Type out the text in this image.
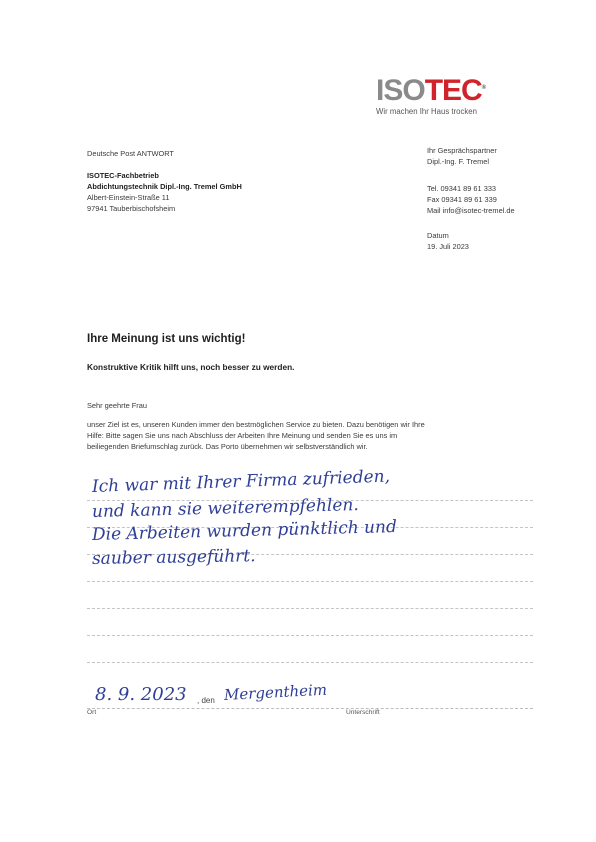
ISOTEC®
Wir machen Ihr Haus trocken
Deutsche Post ANTWORT
ISOTEC-Fachbetrieb
Abdichtungstechnik Dipl.-Ing. Tremel GmbH
Albert-Einstein-Straße 11
97941 Tauberbischofsheim
Ihr Gesprächspartner
Dipl.-Ing. F. Tremel
Tel. 09341 89 61 333
Fax 09341 89 61 339
Mail info@isotec-tremel.de
Datum
19. Juli 2023
Ihre Meinung ist uns wichtig!
Konstruktive Kritik hilft uns, noch besser zu werden.
Sehr geehrte Frau
unser Ziel ist es, unseren Kunden immer den bestmöglichen Service zu bieten. Dazu benötigen wir Ihre
Hilfe: Bitte sagen Sie uns nach Abschluss der Arbeiten Ihre Meinung und senden Sie es uns im
beiliegenden Briefumschlag zurück. Das Porto übernehmen wir selbstverständlich wir.
Ich war mit Ihrer Firma zufrieden,
und kann sie weiterempfehlen.
Die Arbeiten wurden pünktlich und
sauber ausgeführt.
8. 9. 2023 , den Mergentheim
Ort	Unterschrift
